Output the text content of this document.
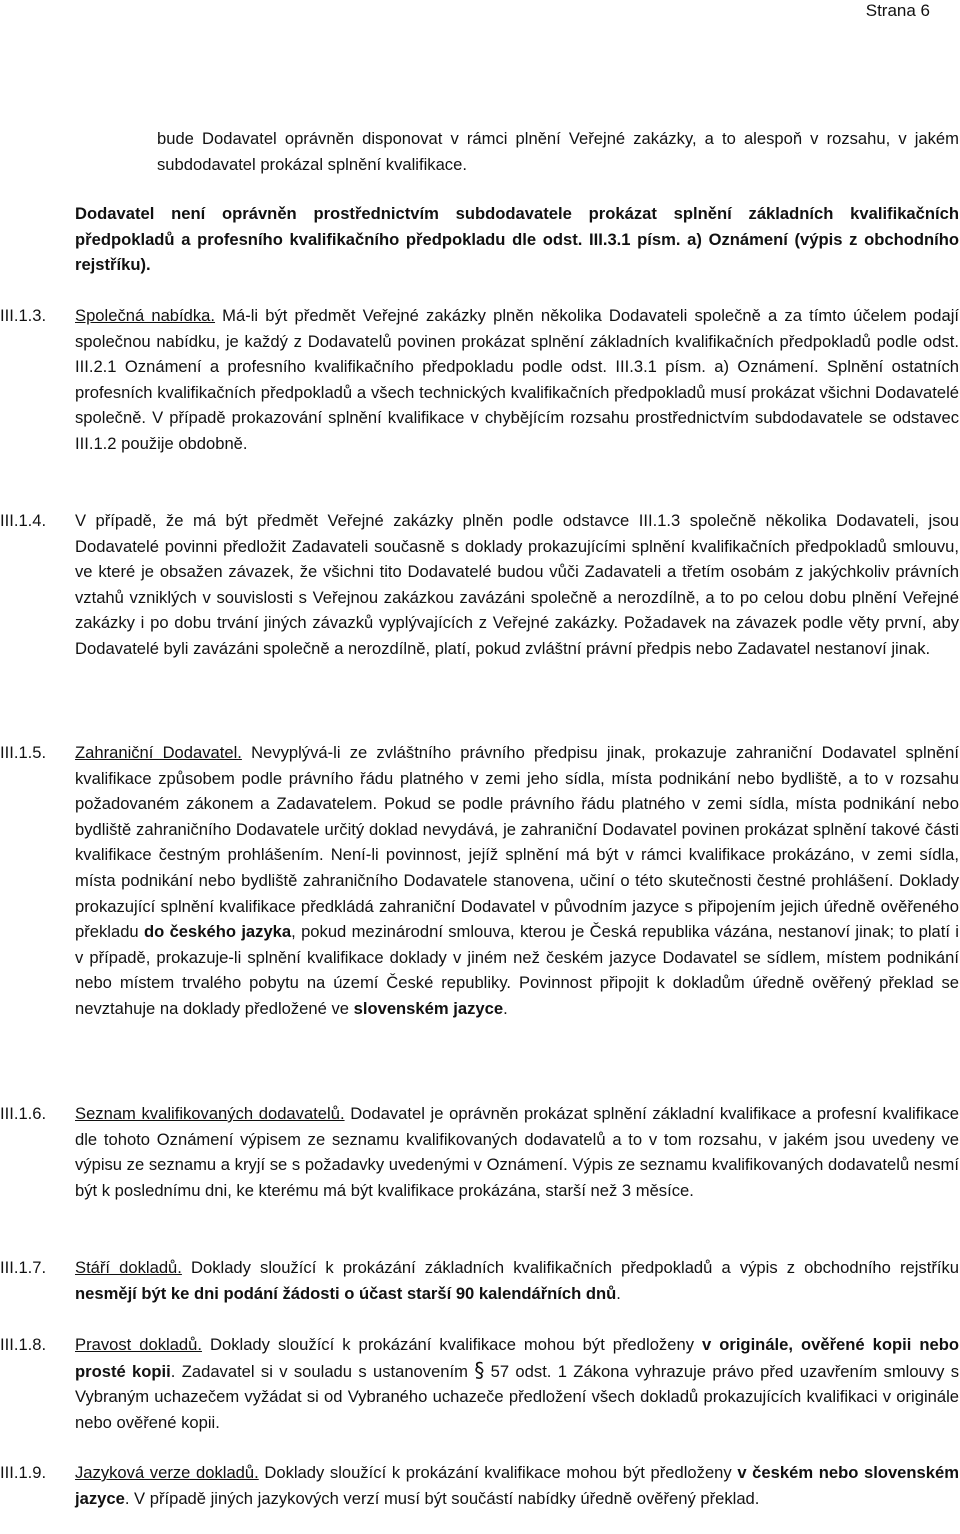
Strana 6
bude Dodavatel oprávněn disponovat v rámci plnění Veřejné zakázky, a to alespoň v rozsahu, v jakém subdodavatel prokázal splnění kvalifikace.
Dodavatel není oprávněn prostřednictvím subdodavatele prokázat splnění základních kvalifikačních předpokladů a profesního kvalifikačního předpokladu dle odst. III.3.1 písm. a) Oznámení (výpis z obchodního rejstříku).
III.1.3.	Společná nabídka. Má-li být předmět Veřejné zakázky plněn několika Dodavateli společně a za tímto účelem podají společnou nabídku, je každý z Dodavatelů povinen prokázat splnění základních kvalifikačních předpokladů podle odst. III.2.1 Oznámení a profesního kvalifikačního předpokladu podle odst. III.3.1 písm. a) Oznámení. Splnění ostatních profesních kvalifikačních předpokladů a všech technických kvalifikačních předpokladů musí prokázat všichni Dodavatelé společně. V případě prokazování splnění kvalifikace v chybějícím rozsahu prostřednictvím subdodavatele se odstavec III.1.2 použije obdobně.
III.1.4.	V případě, že má být předmět Veřejné zakázky plněn podle odstavce III.1.3 společně několika Dodavateli, jsou Dodavatelé povinni předložit Zadavateli současně s doklady prokazujícími splnění kvalifikačních předpokladů smlouvu, ve které je obsažen závazek, že všichni tito Dodavatelé budou vůči Zadavateli a třetím osobám z jakýchkoliv právních vztahů vzniklých v souvislosti s Veřejnou zakázkou zavázáni společně a nerozdílně, a to po celou dobu plnění Veřejné zakázky i po dobu trvání jiných závazků vyplývajících z Veřejné zakázky. Požadavek na závazek podle věty první, aby Dodavatelé byli zavázáni společně a nerozdílně, platí, pokud zvláštní právní předpis nebo Zadavatel nestanoví jinak.
III.1.5.	Zahraniční Dodavatel. Nevyplývá-li ze zvláštního právního předpisu jinak, prokazuje zahraniční Dodavatel splnění kvalifikace způsobem podle právního řádu platného v zemi jeho sídla, místa podnikání nebo bydliště, a to v rozsahu požadovaném zákonem a Zadavatelem. Pokud se podle právního řádu platného v zemi sídla, místa podnikání nebo bydliště zahraničního Dodavatele určitý doklad nevydává, je zahraniční Dodavatel povinen prokázat splnění takové části kvalifikace čestným prohlášením. Není-li povinnost, jejíž splnění má být v rámci kvalifikace prokázáno, v zemi sídla, místa podnikání nebo bydliště zahraničního Dodavatele stanovena, učiní o této skutečnosti čestné prohlášení. Doklady prokazující splnění kvalifikace předkládá zahraniční Dodavatel v původním jazyce s připojením jejich úředně ověřeného překladu do českého jazyka, pokud mezinárodní smlouva, kterou je Česká republika vázána, nestanoví jinak; to platí i v případě, prokazuje-li splnění kvalifikace doklady v jiném než českém jazyce Dodavatel se sídlem, místem podnikání nebo místem trvalého pobytu na území České republiky. Povinnost připojit k dokladům úředně ověřený překlad se nevztahuje na doklady předložené ve slovenském jazyce.
III.1.6.	Seznam kvalifikovaných dodavatelů. Dodavatel je oprávněn prokázat splnění základní kvalifikace a profesní kvalifikace dle tohoto Oznámení výpisem ze seznamu kvalifikovaných dodavatelů a to v tom rozsahu, v jakém jsou uvedeny ve výpisu ze seznamu a kryjí se s požadavky uvedenými v Oznámení. Výpis ze seznamu kvalifikovaných dodavatelů nesmí být k poslednímu dni, ke kterému má být kvalifikace prokázána, starší než 3 měsíce.
III.1.7.	Stáří dokladů. Doklady sloužící k prokázání základních kvalifikačních předpokladů a výpis z obchodního rejstříku nesmějí být ke dni podání žádosti o účast starší 90 kalendářních dnů.
III.1.8.	Pravost dokladů. Doklady sloužící k prokázání kvalifikace mohou být předloženy v originále, ověřené kopii nebo prosté kopii. Zadavatel si v souladu s ustanovením § 57 odst. 1 Zákona vyhrazuje právo před uzavřením smlouvy s Vybraným uchazečem vyžádat si od Vybraného uchazeče předložení všech dokladů prokazujících kvalifikaci v originále nebo ověřené kopii.
III.1.9.	Jazyková verze dokladů. Doklady sloužící k prokázání kvalifikace mohou být předloženy v českém nebo slovenském jazyce. V případě jiných jazykových verzí musí být součástí nabídky úředně ověřený překlad.
